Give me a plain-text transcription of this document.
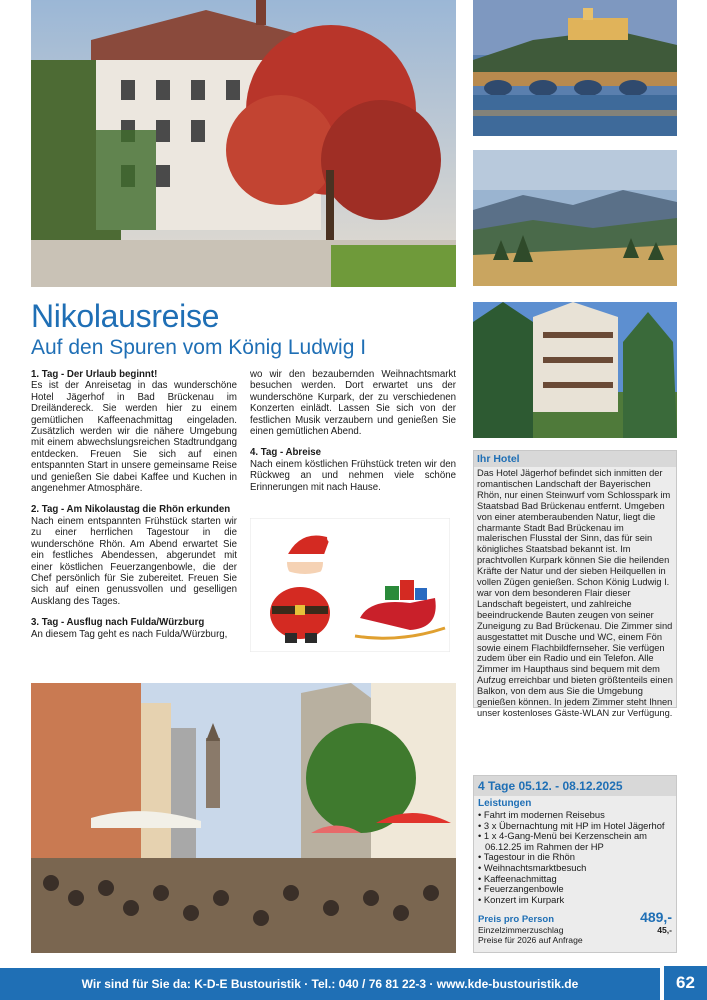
Nikolausreise
Auf den Spuren vom König Ludwig I
1. Tag - Der Urlaub beginnt!

Es ist der Anreisetag in das wunderschöne Hotel Jägerhof in Bad Brückenau im Dreiländereck. Sie werden hier zu einem gemütlichen Kaffeenachmittag eingeladen. Zusätzlich werden wir die nähere Umgebung mit einem abwechslungsreichen Stadtrundgang entdecken. Freuen Sie sich auf einen entspannten Start in unsere gemeinsame Reise und genießen Sie dabei Kaffee und Kuchen in angenehmer Atmosphäre.

2. Tag - Am Nikolaustag die Rhön erkunden

Nach einem entspannten Frühstück starten wir zu einer herrlichen Tagestour in die wunderschöne Rhön. Am Abend erwartet Sie ein festliches Abendessen, abgerundet mit einer köstlichen Feuerzangenbowle, die der Chef persönlich für Sie zubereitet. Freuen Sie sich auf einen genussvollen und geselligen Ausklang des Tages.

3. Tag - Ausflug nach Fulda/Würzburg

An diesem Tag geht es nach Fulda/Würzburg,

wo wir den bezaubernden Weihnachtsmarkt besuchen werden. Dort erwartet uns der wunderschöne Kurpark, der zu verschiedenen Konzerten einlädt. Lassen Sie sich von der festlichen Musik verzaubern und genießen Sie einen gemütlichen Abend.

4. Tag - Abreise

Nach einem köstlichen Frühstück treten wir den Rückweg an und nehmen viele schöne Erinnerungen mit nach Hause.

Ihr Hotel
Das Hotel Jägerhof befindet sich inmitten der romantischen Landschaft der Bayerischen Rhön, nur einen Steinwurf vom Schlosspark im Staatsbad Bad Brückenau entfernt. Umgeben von einer atemberaubenden Natur, liegt die charmante Stadt Bad Brückenau im malerischen Flusstal der Sinn, das für sein königliches Staatsbad bekannt ist. Im prachtvollen Kurpark können Sie die heilenden Kräfte der Natur und der sieben Heilquellen in vollen Zügen genießen. Schon König Ludwig I. war von dem besonderen Flair dieser Landschaft begeistert, und zahlreiche beeindruckende Bauten zeugen von seiner Zuneigung zu Bad Brückenau. Die Zimmer sind ausgestattet mit Dusche und WC, einem Fön sowie einem Flachbildfernseher. Sie verfügen zudem über ein Radio und ein Telefon. Alle Zimmer im Haupthaus sind bequem mit dem Aufzug erreichbar und bieten größtenteils einen Balkon, von dem aus Sie die Umgebung genießen können. In jedem Zimmer steht Ihnen unser kostenloses Gäste-WLAN zur Verfügung.
4 Tage 05.12. - 08.12.2025
Leistungen
• Fahrt im modernen Reisebus
• 3 x Übernachtung mit HP im Hotel Jägerhof
• 1 x 4-Gang-Menü bei Kerzenschein am 06.12.25 im Rahmen der HP
• Tagestour in die Rhön
• Weihnachtsmarktbesuch
• Kaffeenachmittag
• Feuerzangenbowle
• Konzert im Kurpark
Preis pro Person	489,-
Einzelzimmerzuschlag	45,-
Preise für 2026 auf Anfrage
Wir sind für Sie da: K-D-E Bustouristik · Tel.: 040 / 76 81 22-3 · www.kde-bustouristik.de	62
